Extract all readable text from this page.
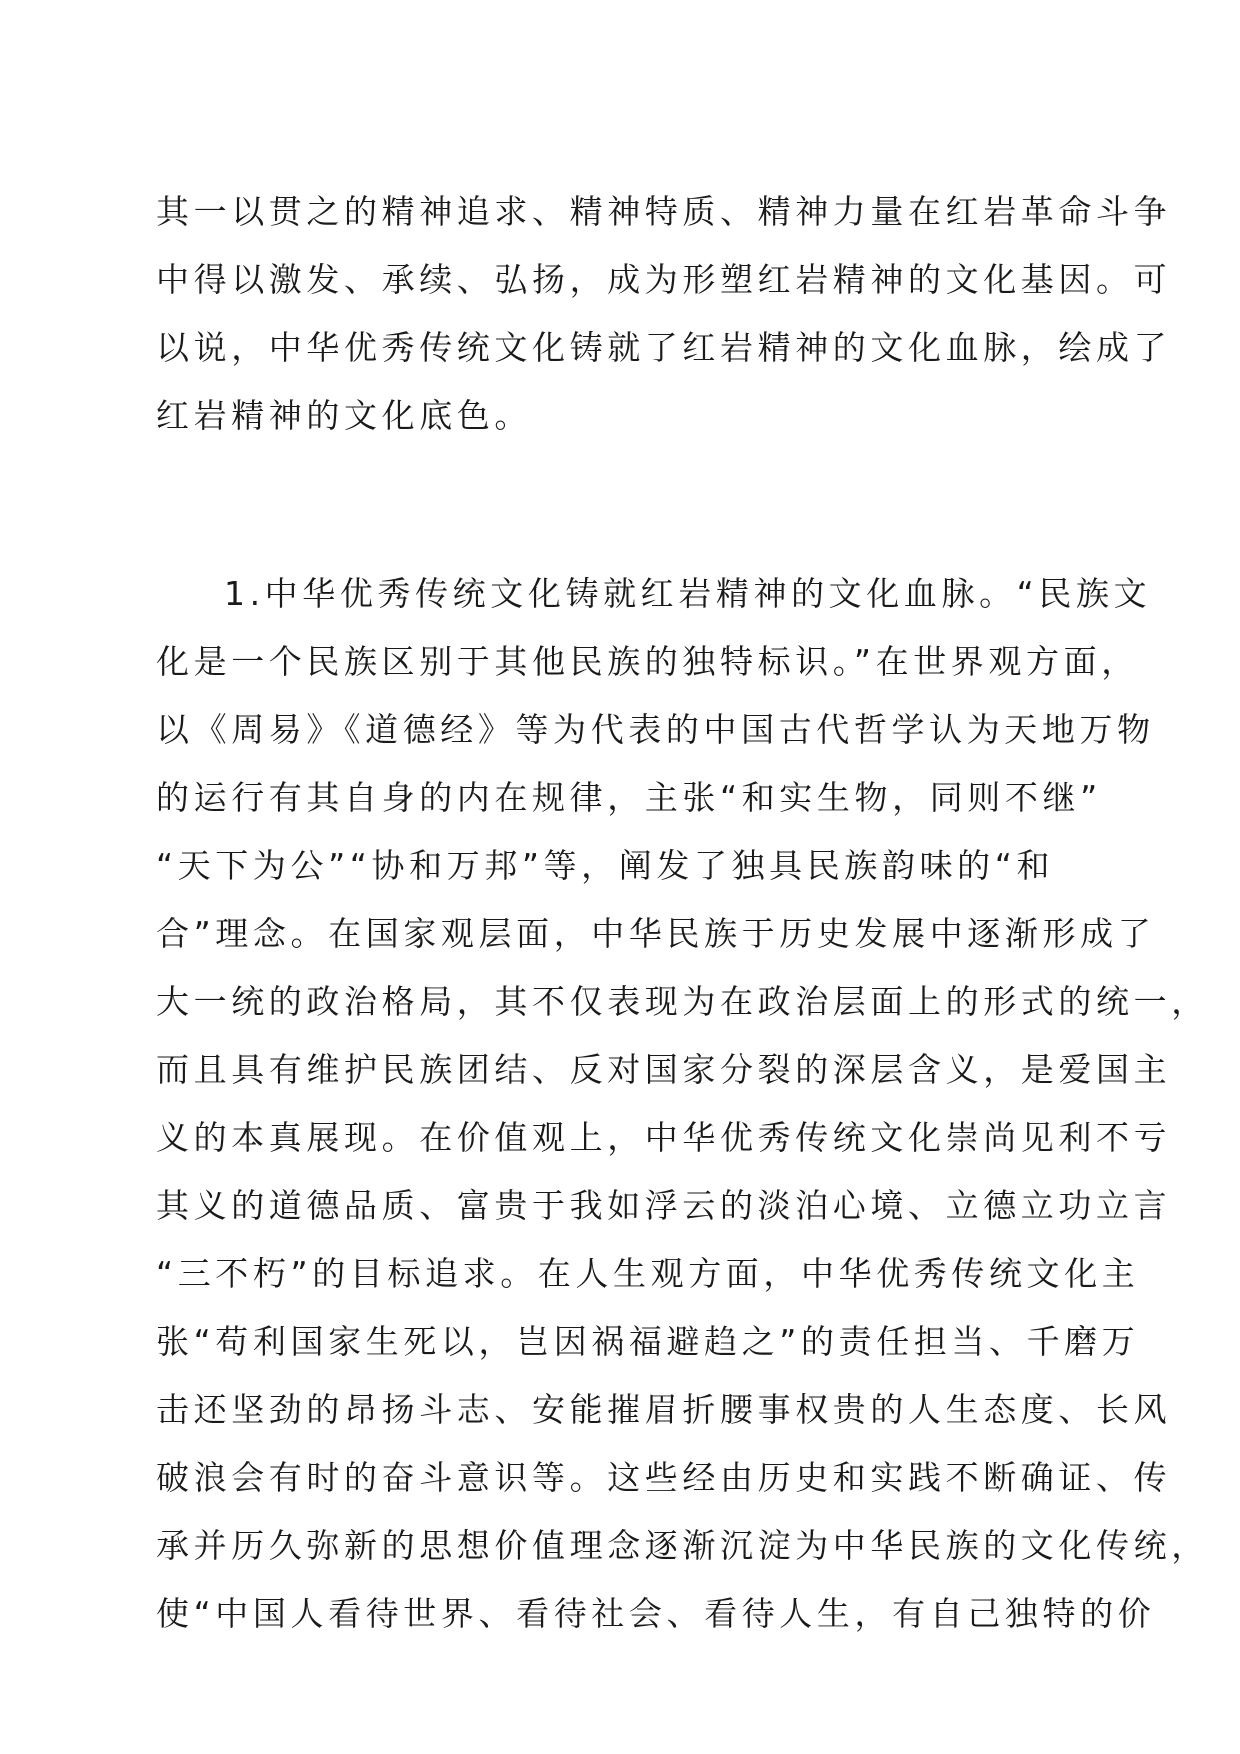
其一以贯之的精神追求、精神特质、精神力量在红岩革命斗争
中得以激发、承续、弘扬，成为形塑红岩精神的文化基因。可
以说，中华优秀传统文化铸就了红岩精神的文化血脉，绘成了
红岩精神的文化底色。
1.中华优秀传统文化铸就红岩精神的文化血脉。“民族文
化是一个民族区别于其他民族的独特标识。”在世界观方面，
以《周易》《道德经》等为代表的中国古代哲学认为天地万物
的运行有其自身的内在规律，主张“和实生物，同则不继”
“天下为公”“协和万邦”等，阐发了独具民族韵味的“和
合”理念。在国家观层面，中华民族于历史发展中逐渐形成了
大一统的政治格局，其不仅表现为在政治层面上的形式的统一，
而且具有维护民族团结、反对国家分裂的深层含义，是爱国主
义的本真展现。在价值观上，中华优秀传统文化崇尚见利不亏
其义的道德品质、富贵于我如浮云的淡泊心境、立德立功立言
“三不朽”的目标追求。在人生观方面，中华优秀传统文化主
张“苟利国家生死以，岂因祸福避趋之”的责任担当、千磨万
击还坚劲的昂扬斗志、安能摧眉折腰事权贵的人生态度、长风
破浪会有时的奋斗意识等。这些经由历史和实践不断确证、传
承并历久弥新的思想价值理念逐渐沉淀为中华民族的文化传统，
使“中国人看待世界、看待社会、看待人生，有自己独特的价
